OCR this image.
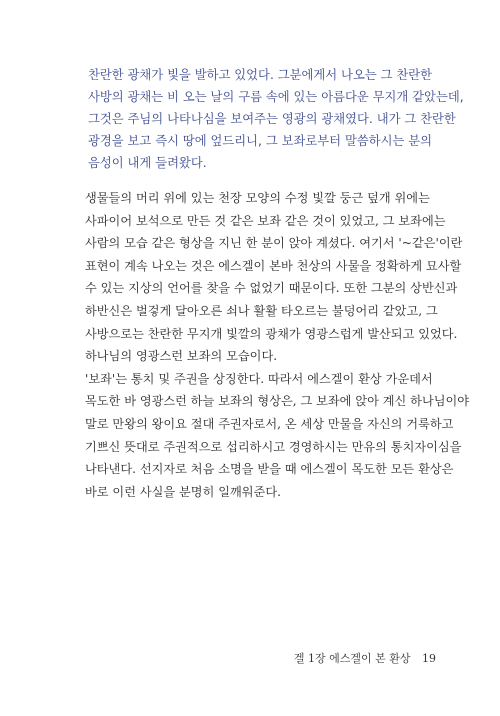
찬란한 광채가 빛을 발하고 있었다. 그분에게서 나오는 그 찬란한
사방의 광채는 비 오는 날의 구름 속에 있는 아름다운 무지개 같았는데,
그것은 주님의 나타나심을 보여주는 영광의 광채였다. 내가 그 찬란한
광경을 보고 즉시 땅에 엎드리니, 그 보좌로부터 말씀하시는 분의
음성이 내게 들려왔다.
생물들의 머리 위에 있는 천장 모양의 수정 빛깔 둥근 덮개 위에는
사파이어 보석으로 만든 것 같은 보좌 같은 것이 있었고, 그 보좌에는
사람의 모습 같은 형상을 지닌 한 분이 앉아 계셨다. 여기서 '~같은'이란
표현이 계속 나오는 것은 에스겔이 본바 천상의 사물을 정확하게 묘사할
수 있는 지상의 언어를 찾을 수 없었기 때문이다. 또한 그분의 상반신과
하반신은 벌겋게 달아오른 쇠나 활활 타오르는 불덩어리 같았고, 그
사방으로는 찬란한 무지개 빛깔의 광채가 영광스럽게 발산되고 있었다.
하나님의 영광스런 보좌의 모습이다.
'보좌'는 통치 및 주권을 상징한다. 따라서 에스겔이 환상 가운데서
목도한 바 영광스런 하늘 보좌의 형상은, 그 보좌에 앉아 계신 하나님이야
말로 만왕의 왕이요 절대 주권자로서, 온 세상 만물을 자신의 거룩하고
기쁘신 뜻대로 주권적으로 섭리하시고 경영하시는 만유의 통치자이심을
나타낸다. 선지자로 처음 소명을 받을 때 에스겔이 목도한 모든 환상은
바로 이런 사실을 분명히 일깨워준다.
겔 1장 에스겔이 본 환상 19
